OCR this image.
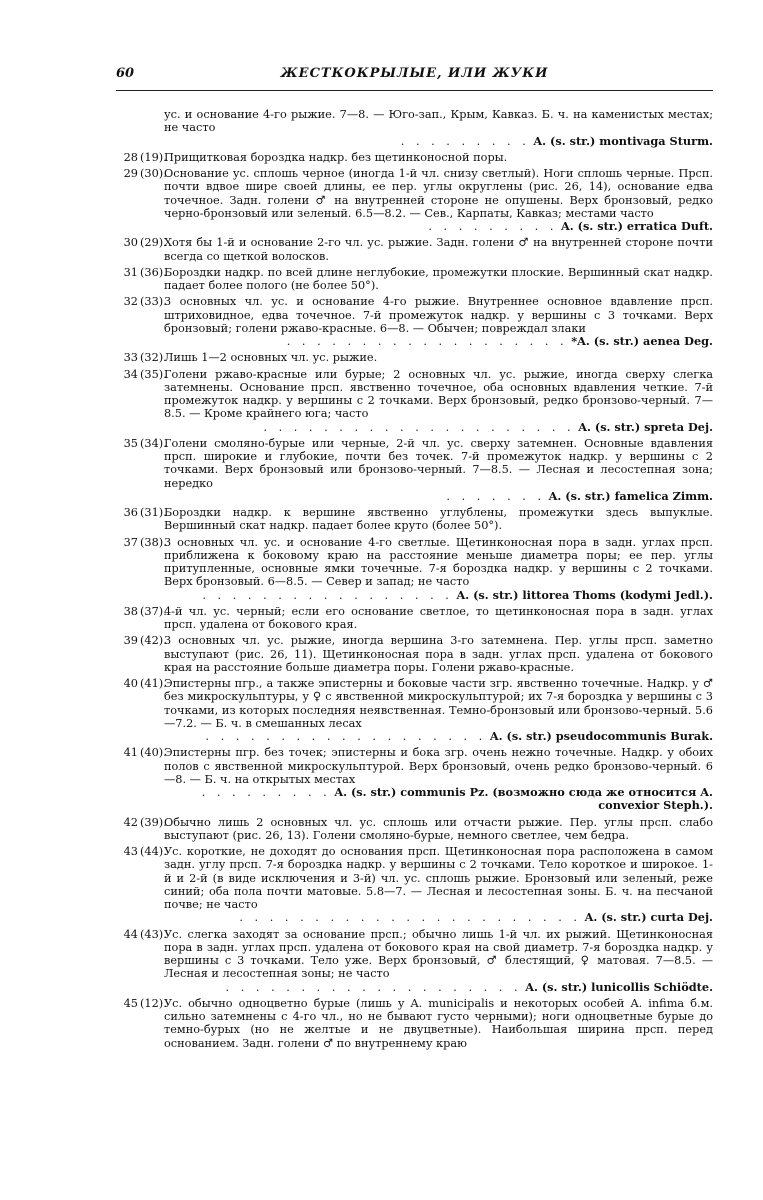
60	ЖЕСТКОКРЫЛЫЕ, ИЛИ ЖУКИ
ус. и основание 4-го рыжие. 7—8. — Юго-зап., Крым, Кавказ. Б. ч. на каменистых местах; не часто
. . . . . . . . . A. (s. str.) montivaga Sturm.
28 (19).
Прищитковая бороздка надкр. без щетинконосной поры.
29 (30).
Основание ус. сплошь черное (иногда 1-й чл. снизу светлый). Ноги сплошь черные. Прсп. почти вдвое шире своей длины, ее пер. углы округлены (рис. 26, 14), основание едва точечное. Задн. голени ♂ на внутренней стороне не опушены. Верх бронзовый, редко черно-бронзовый или зеленый. 6.5—8.2. — Сев., Карпаты, Кавказ; местами часто
. . . . . . . . . A. (s. str.) erratica Duft.
30 (29).
Хотя бы 1-й и основание 2-го чл. ус. рыжие. Задн. голени ♂ на внутренней стороне почти всегда со щеткой волосков.
31 (36).
Бороздки надкр. по всей длине неглубокие, промежутки плоские. Вершинный скат надкр. падает более полого (не более 50°).
32 (33).
3 основных чл. ус. и основание 4-го рыжие. Внутреннее основное вдавление прсп. штриховидное, едва точечное. 7-й промежуток надкр. у вершины с 3 точками. Верх бронзовый; голени ржаво-красные. 6—8. — Обычен; повреждал злаки
. . . . . . . . . . . . . . . . . . . *A. (s. str.) aenea Deg.
33 (32).
Лишь 1—2 основных чл. ус. рыжие.
34 (35).
Голени ржаво-красные или бурые; 2 основных чл. ус. рыжие, иногда сверху слегка затемнены. Основание прсп. явственно точечное, оба основных вдавления четкие. 7-й промежуток надкр. у вершины с 2 точками. Верх бронзовый, редко бронзово-черный. 7—8.5. — Кроме крайнего юга; часто
. . . . . . . . . . . . . . . . . . . . . A. (s. str.) spreta Dej.
35 (34).
Голени смоляно-бурые или черные, 2-й чл. ус. сверху затемнен. Основные вдавления прсп. широкие и глубокие, почти без точек. 7-й промежуток надкр. у вершины с 2 точками. Верх бронзовый или бронзово-черный. 7—8.5. — Лесная и лесостепная зона; нередко
. . . . . . . A. (s. str.) famelica Zimm.
36 (31).
Бороздки надкр. к вершине явственно углублены, промежутки здесь выпуклые. Вершинный скат надкр. падает более круто (более 50°).
37 (38).
3 основных чл. ус. и основание 4-го светлые. Щетинконосная пора в задн. углах прсп. приближена к боковому краю на расстояние меньше диаметра поры; ее пер. углы притупленные, основные ямки точечные. 7-я бороздка надкр. у вершины с 2 точками. Верх бронзовый. 6—8.5. — Север и запад; не часто
. . . . . . . . . . . . . . . . . A. (s. str.) littorea Thoms (kodymi Jedl.).
38 (37).
4-й чл. ус. черный; если его основание светлое, то щетинконосная пора в задн. углах прсп. удалена от бокового края.
39 (42).
3 основных чл. ус. рыжие, иногда вершина 3-го затемнена. Пер. углы прсп. заметно выступают (рис. 26, 11). Щетинконосная пора в задн. углах прсп. удалена от бокового края на расстояние больше диаметра поры. Голени ржаво-красные.
40 (41).
Эпистерны пгр., а также эпистерны и боковые части згр. явственно точечные. Надкр. у ♂ без микроскульптуры, у ♀ с явственной микроскульптурой; их 7-я бороздка у вершины с 3 точками, из которых последняя неявственная. Темно-бронзовый или бронзово-черный. 5.6—7.2. — Б. ч. в смешанных лесах
. . . . . . . . . . . . . . . . . . . A. (s. str.) pseudocommunis Burak.
41 (40).
Эпистерны пгр. без точек; эпистерны и бока згр. очень нежно точечные. Надкр. у обоих полов с явственной микроскульптурой. Верх бронзовый, очень редко бронзово-черный. 6—8. — Б. ч. на открытых местах
. . . . . . . . . A. (s. str.) communis Pz. (возможно сюда же относится A. convexior Steph.).
42 (39).
Обычно лишь 2 основных чл. ус. сплошь или отчасти рыжие. Пер. углы прсп. слабо выступают (рис. 26, 13). Голени смоляно-бурые, немного светлее, чем бедра.
43 (44).
Ус. короткие, не доходят до основания прсп. Щетинконосная пора расположена в самом задн. углу прсп. 7-я бороздка надкр. у вершины с 2 точками. Тело короткое и широкое. 1-й и 2-й (в виде исключения и 3-й) чл. ус. сплошь рыжие. Бронзовый или зеленый, реже синий; оба пола почти матовые. 5.8—7. — Лесная и лесостепная зоны. Б. ч. на песчаной почве; не часто
. . . . . . . . . . . . . . . . . . . . . . . A. (s. str.) curta Dej.
44 (43).
Ус. слегка заходят за основание прсп.; обычно лишь 1-й чл. их рыжий. Щетинконосная пора в задн. углах прсп. удалена от бокового края на свой диаметр. 7-я бороздка надкр. у вершины с 3 точками. Тело уже. Верх бронзовый, ♂ блестящий, ♀ матовая. 7—8.5. — Лесная и лесостепная зоны; не часто
. . . . . . . . . . . . . . . . . . . . A. (s. str.) lunicollis Schiödte.
45 (12).
Ус. обычно одноцветно бурые (лишь у A. municipalis и некоторых особей A. infima б.м. сильно затемнены с 4-го чл., но не бывают густо черными); ноги одноцветные бурые до темно-бурых (но не желтые и не двуцветные). Наибольшая ширина прсп. перед основанием. Задн. голени ♂ по внутреннему краю
